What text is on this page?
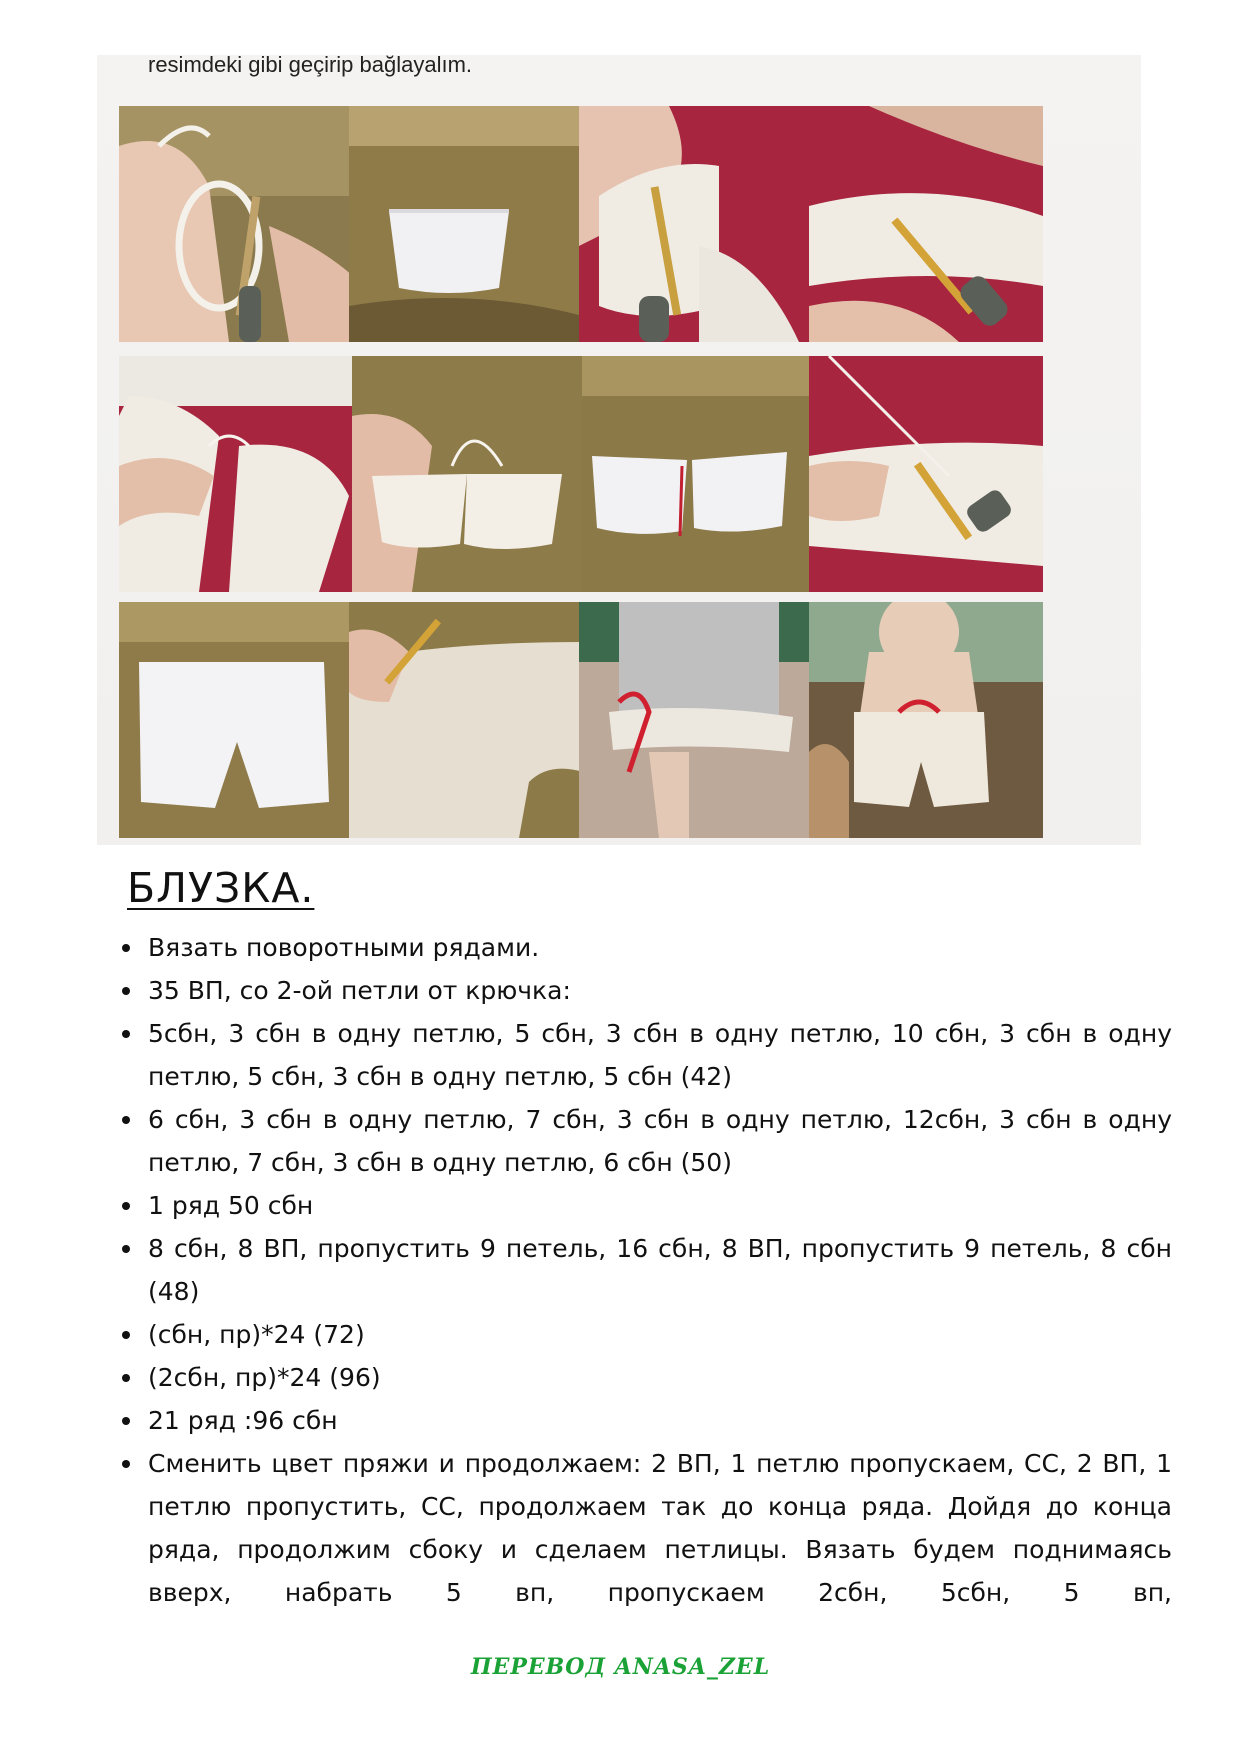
resimdeki gibi geçirip bağlayalım.
БЛУЗКА.
Вязать поворотными рядами.
35 ВП, со 2-ой петли от крючка:
5сбн, 3 сбн в одну петлю, 5 сбн, 3 сбн в одну петлю, 10 сбн, 3 сбн в одну петлю, 5 сбн, 3 сбн в одну петлю, 5 сбн (42)
6 сбн, 3 сбн в одну петлю, 7 сбн, 3 сбн в одну петлю, 12сбн, 3 сбн в одну петлю, 7 сбн, 3 сбн в одну петлю, 6 сбн (50)
1 ряд 50 сбн
8 сбн, 8 ВП, пропустить 9 петель, 16 сбн, 8 ВП, пропустить 9 петель, 8 сбн (48)
(сбн, пр)*24 (72)
(2сбн, пр)*24 (96)
21 ряд :96 сбн
Сменить цвет пряжи и продолжаем: 2 ВП, 1 петлю пропускаем, СС, 2 ВП, 1 петлю пропустить, СС, продолжаем так до конца ряда. Дойдя до конца ряда, продолжим сбоку и сделаем петлицы. Вязать будем поднимаясь вверх, набрать 5 вп, пропускаем 2сбн, 5сбн, 5 вп,
ПЕРЕВОД ANASA_ZEL
